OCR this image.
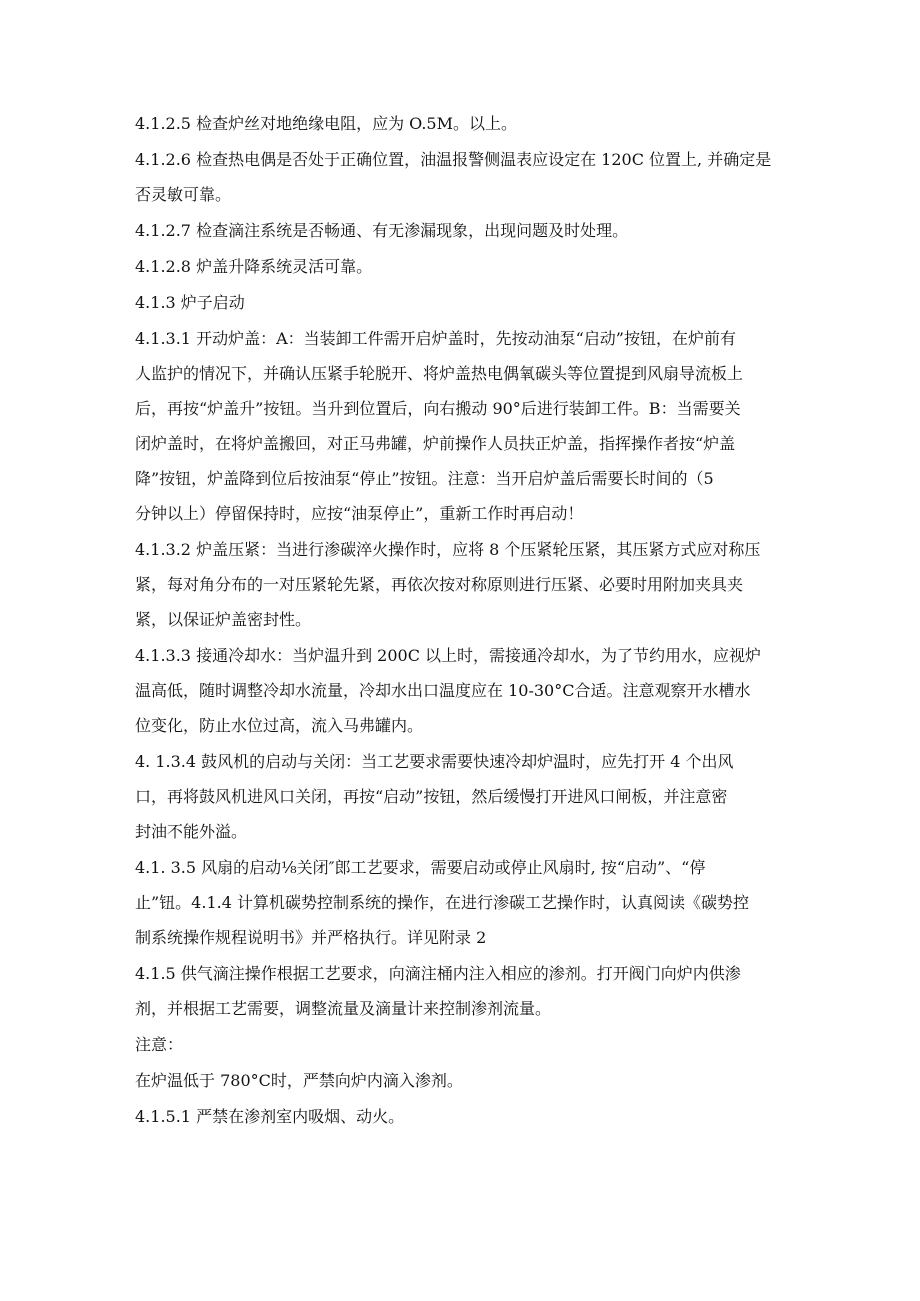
4.1.2.5 检查炉丝对地绝缘电阻，应为 O.5M。以上。

4.1.2.6 检查热电偶是否处于正确位置，油温报警侧温表应设定在 120C 位置上, 并确定是

否灵敏可靠。

4.1.2.7 检查滴注系统是否畅通、有无渗漏现象，出现问题及时处理。

4.1.2.8 炉盖升降系统灵活可靠。

4.1.3 炉子启动

4.1.3.1 开动炉盖：A：当装卸工件需开启炉盖时，先按动油泵“启动”按钮，在炉前有

人监护的情况下，并确认压紧手轮脱开、将炉盖热电偶氧碳头等位置提到风扇导流板上

后，再按“炉盖升”按钮。当升到位置后，向右搬动 90°后进行装卸工件。B：当需要关

闭炉盖时，在将炉盖搬回，对正马弗罐，炉前操作人员扶正炉盖，指挥操作者按“炉盖

降”按钮，炉盖降到位后按油泵“停止”按钮。注意：当开启炉盖后需要长时间的（5

分钟以上）停留保持时，应按“油泵停止”，重新工作时再启动！

4.1.3.2 炉盖压紧：当进行渗碳淬火操作时，应将 8 个压紧轮压紧，其压紧方式应对称压

紧，每对角分布的一对压紧轮先紧，再依次按对称原则进行压紧、必要时用附加夹具夹

紧，以保证炉盖密封性。

4.1.3.3 接通冷却水：当炉温升到 200C 以上时，需接通冷却水，为了节约用水，应视炉

温高低，随时调整冷却水流量，冷却水出口温度应在 10-30°C合适。注意观察开水槽水

位变化，防止水位过高，流入马弗罐内。

4. 1.3.4 鼓风机的启动与关闭：当工艺要求需要快速冷却炉温时，应先打开 4 个出风

口，再将鼓风机进风口关闭，再按“启动”按钮，然后缓慢打开进风口闸板，并注意密

封油不能外溢。

4.1. 3.5 风扇的启动⅛关闭″郎工艺要求，需要启动或停止风扇时, 按“启动”、“停

止”钮。4.1.4 计算机碳势控制系统的操作，在进行渗碳工艺操作时，认真阅读《碳势控

制系统操作规程说明书》并严格执行。详见附录 2

4.1.5 供气滴注操作根据工艺要求，向滴注桶内注入相应的渗剂。打开阀门向炉内供渗

剂，并根据工艺需要，调整流量及滴量计来控制渗剂流量。

注意：

在炉温低于 780°C时，严禁向炉内滴入渗剂。

4.1.5.1 严禁在渗剂室内吸烟、动火。
